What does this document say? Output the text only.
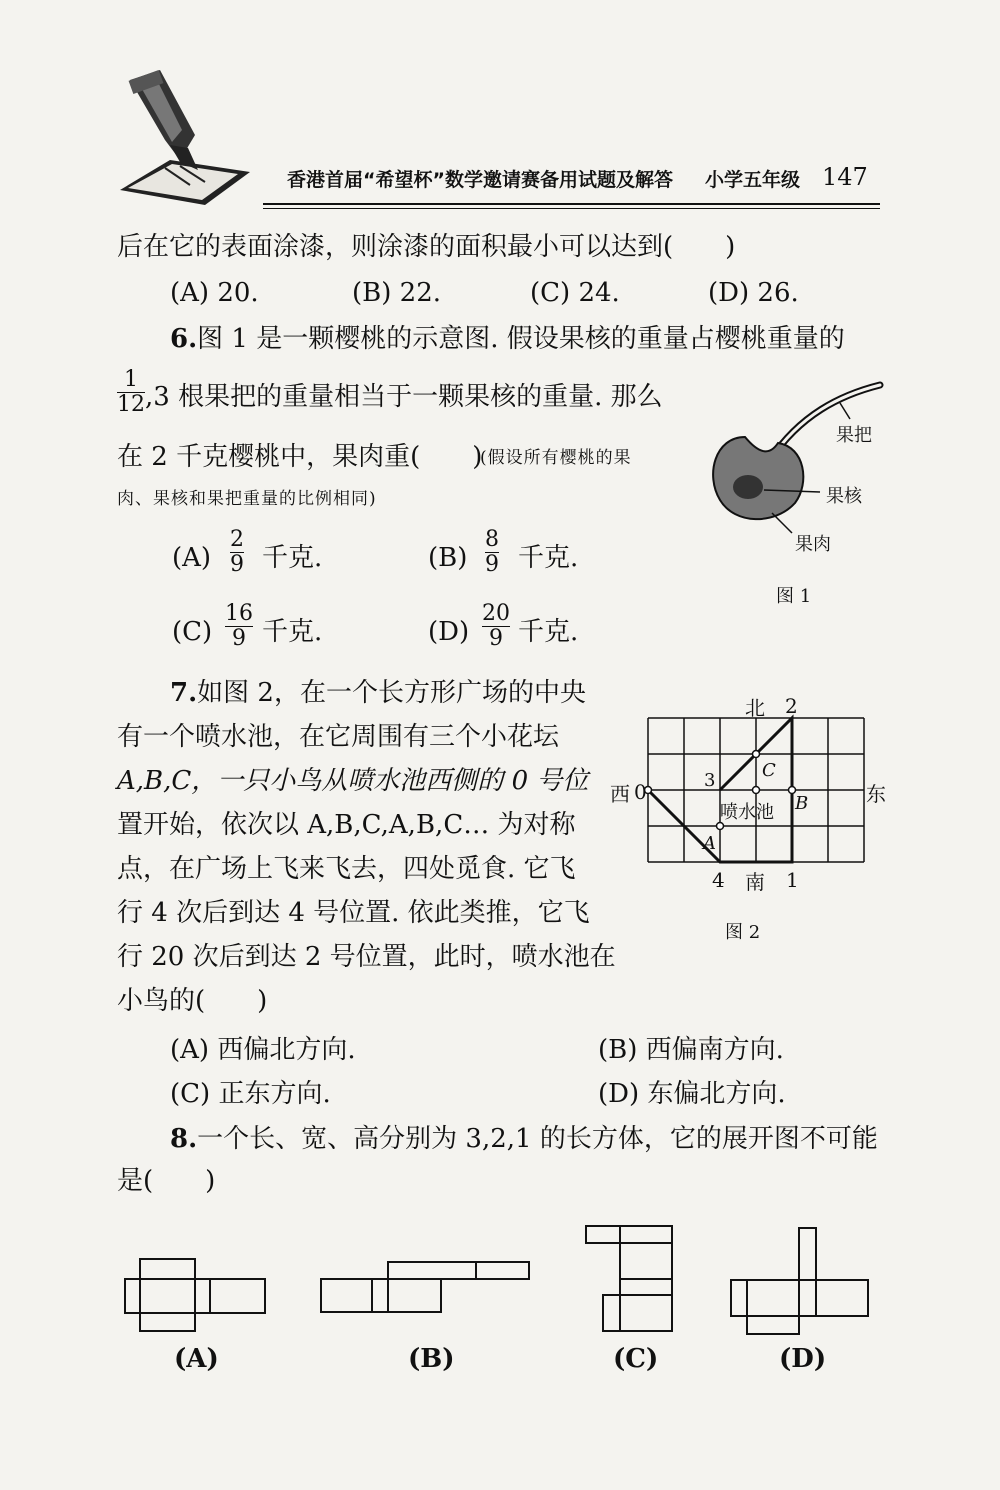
香港首届“希望杯”数学邀请赛备用试题及解答 小学五年级 147
后在它的表面涂漆，则涂漆的面积最小可以达到(　　)
(A) 20.	(B) 22.	(C) 24.	(D) 26.
6.图 1 是一颗樱桃的示意图. 假设果核的重量占樱桃重量的
1
12 ,3 根果把的重量相当于一颗果核的重量. 那么
在 2 千克樱桃中，果肉重(　　)
(假设所有樱桃的果
肉、果核和果把重量的比例相同)
(A)
2
9 千克.	(B)
8
9 千克.
(C)
16
9 千克.	(D)
20
9 千克.
果把
果核
果肉
图 1
7.如图 2，在一个长方形广场的中央
有一个喷水池，在它周围有三个小花坛
A,B,C，一只小鸟从喷水池西侧的 0 号位
置开始，依次以 A,B,C,A,B,C… 为对称
点，在广场上飞来飞去，四处觅食. 它飞
行 4 次后到达 4 号位置. 依此类推，它飞
行 20 次后到达 2 号位置，此时，喷水池在
小鸟的(　　)
北 2
西 0	东
3	C
B
A
喷水池
4 南 1
图 2
(A) 西偏北方向.	(B) 西偏南方向.
(C) 正东方向.	(D) 东偏北方向.
8.一个长、宽、高分别为 3,2,1 的长方体，它的展开图不可能
是(　　)
(A)	(B)	(C)	(D)
